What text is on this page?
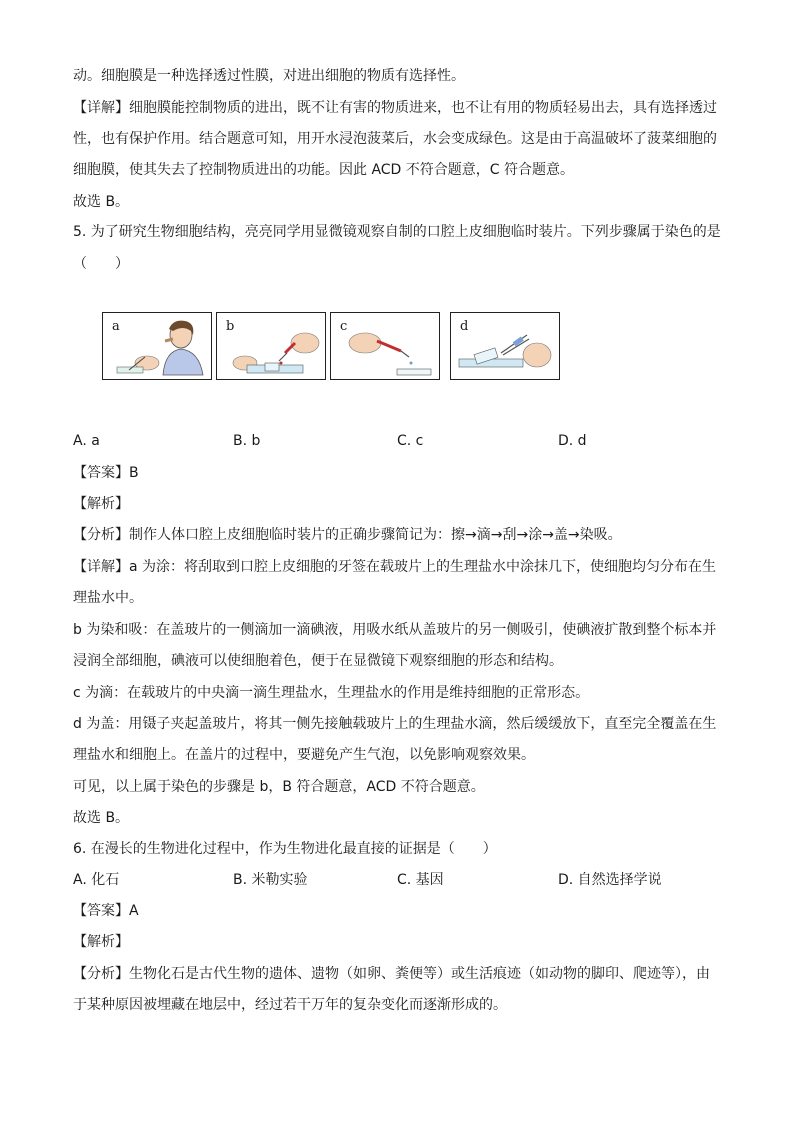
动。细胞膜是一种选择透过性膜，对进出细胞的物质有选择性。
【详解】细胞膜能控制物质的进出，既不让有害的物质进来，也不让有用的物质轻易出去，具有选择透过
性，也有保护作用。结合题意可知，用开水浸泡菠菜后，水会变成绿色。这是由于高温破坏了菠菜细胞的
细胞膜，使其失去了控制物质进出的功能。因此 ACD 不符合题意，C 符合题意。
故选 B。
5. 为了研究生物细胞结构，亮亮同学用显微镜观察自制的口腔上皮细胞临时装片。下列步骤属于染色的是
（　　）
a	b	c	d
A. a	B. b	C. c	D. d
【答案】B
【解析】
【分析】制作人体口腔上皮细胞临时装片的正确步骤简记为：擦→滴→刮→涂→盖→染吸。
【详解】a 为涂：将刮取到口腔上皮细胞的牙签在载玻片上的生理盐水中涂抹几下，使细胞均匀分布在生
理盐水中。
b 为染和吸：在盖玻片的一侧滴加一滴碘液，用吸水纸从盖玻片的另一侧吸引，使碘液扩散到整个标本并
浸润全部细胞，碘液可以使细胞着色，便于在显微镜下观察细胞的形态和结构。
c 为滴：在载玻片的中央滴一滴生理盐水，生理盐水的作用是维持细胞的正常形态。
d 为盖：用镊子夹起盖玻片，将其一侧先接触载玻片上的生理盐水滴，然后缓缓放下，直至完全覆盖在生
理盐水和细胞上。在盖片的过程中，要避免产生气泡，以免影响观察效果。
可见，以上属于染色的步骤是 b，B 符合题意，ACD 不符合题意。
故选 B。
6. 在漫长的生物进化过程中，作为生物进化最直接的证据是（　　）
A. 化石	B. 米勒实验	C. 基因	D. 自然选择学说
【答案】A
【解析】
【分析】生物化石是古代生物的遗体、遗物（如卵、粪便等）或生活痕迹（如动物的脚印、爬迹等），由
于某种原因被埋藏在地层中，经过若干万年的复杂变化而逐渐形成的。
